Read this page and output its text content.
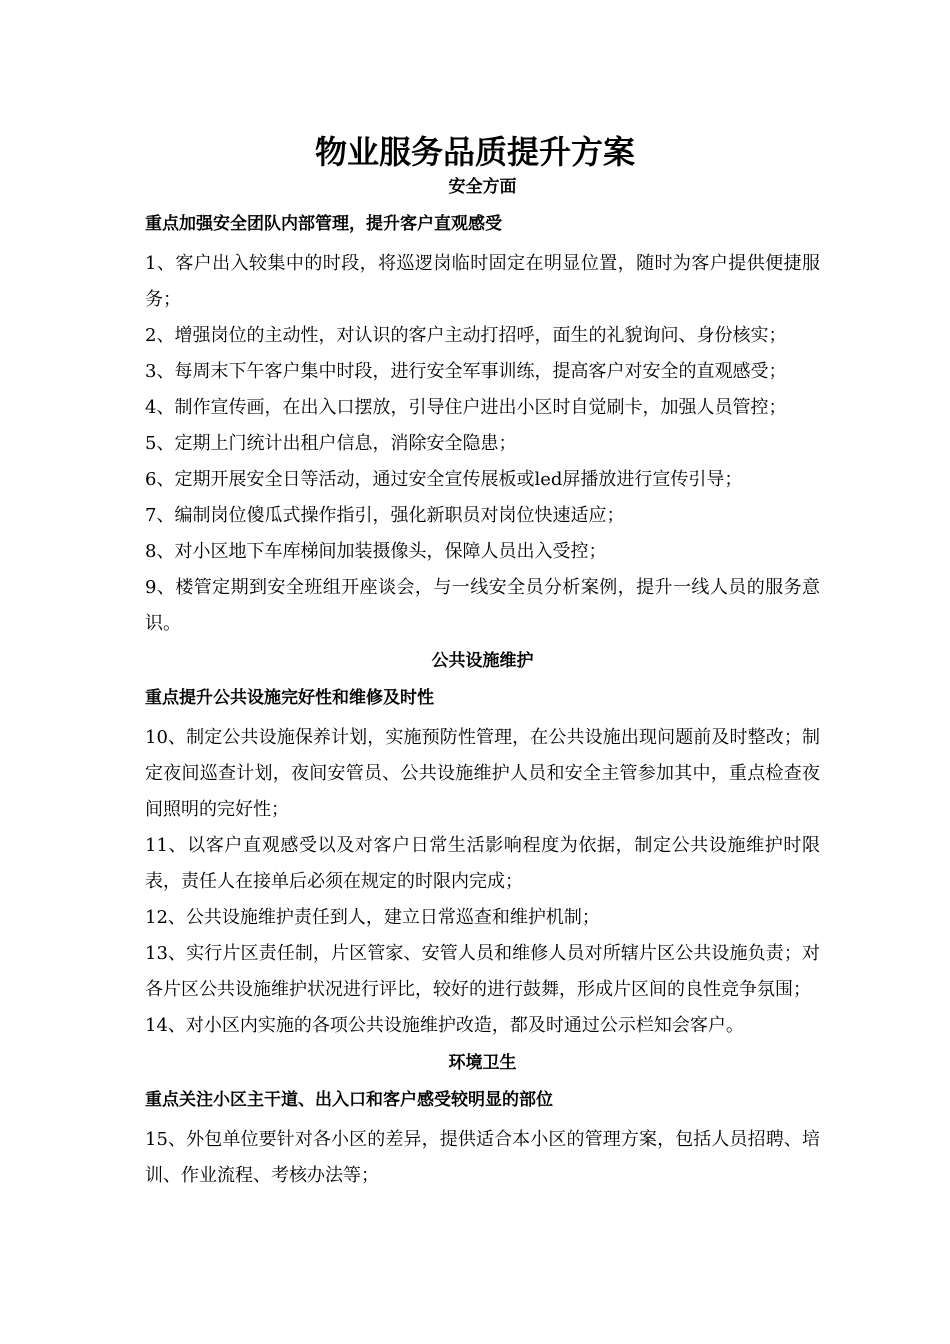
物业服务品质提升方案
安全方面
重点加强安全团队内部管理，提升客户直观感受

1、客户出入较集中的时段，将巡逻岗临时固定在明显位置，随时为客户提供便捷服务；

2、增强岗位的主动性，对认识的客户主动打招呼，面生的礼貌询问、身份核实；

3、每周末下午客户集中时段，进行安全军事训练，提高客户对安全的直观感受；

4、制作宣传画，在出入口摆放，引导住户进出小区时自觉刷卡，加强人员管控；

5、定期上门统计出租户信息，消除安全隐患；

6、定期开展安全日等活动，通过安全宣传展板或led屏播放进行宣传引导；

7、编制岗位傻瓜式操作指引，强化新职员对岗位快速适应；

8、对小区地下车库梯间加装摄像头，保障人员出入受控；

9、楼管定期到安全班组开座谈会，与一线安全员分析案例，提升一线人员的服务意识。

公共设施维护
重点提升公共设施完好性和维修及时性

10、制定公共设施保养计划，实施预防性管理，在公共设施出现问题前及时整改；制定夜间巡查计划，夜间安管员、公共设施维护人员和安全主管参加其中，重点检查夜间照明的完好性；

11、以客户直观感受以及对客户日常生活影响程度为依据，制定公共设施维护时限表，责任人在接单后必须在规定的时限内完成；

12、公共设施维护责任到人，建立日常巡查和维护机制；

13、实行片区责任制，片区管家、安管人员和维修人员对所辖片区公共设施负责；对各片区公共设施维护状况进行评比，较好的进行鼓舞，形成片区间的良性竞争氛围；

14、对小区内实施的各项公共设施维护改造，都及时通过公示栏知会客户。

环境卫生
重点关注小区主干道、出入口和客户感受较明显的部位

15、外包单位要针对各小区的差异，提供适合本小区的管理方案，包括人员招聘、培训、作业流程、考核办法等；
